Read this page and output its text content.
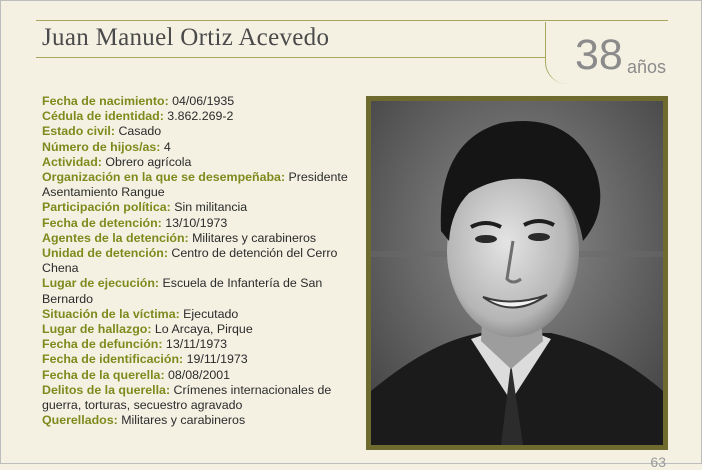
Juan Manuel Ortiz Acevedo	38 años
Fecha de nacimiento: 04/06/1935
Cédula de identidad: 3.862.269-2
Estado civil: Casado
Número de hijos/as: 4
Actividad: Obrero agrícola
Organización en la que se desempeñaba: Presidente Asentamiento Rangue
Participación política: Sin militancia
Fecha de detención: 13/10/1973
Agentes de la detención: Militares y carabineros
Unidad de detención: Centro de detención del Cerro Chena
Lugar de ejecución: Escuela de Infantería de San Bernardo
Situación de la víctima: Ejecutado
Lugar de hallazgo: Lo Arcaya, Pirque
Fecha de defunción: 13/11/1973
Fecha de identificación: 19/11/1973
Fecha de la querella: 08/08/2001
Delitos de la querella: Crímenes internacionales de guerra, torturas, secuestro agravado
Querellados: Militares y carabineros
63
